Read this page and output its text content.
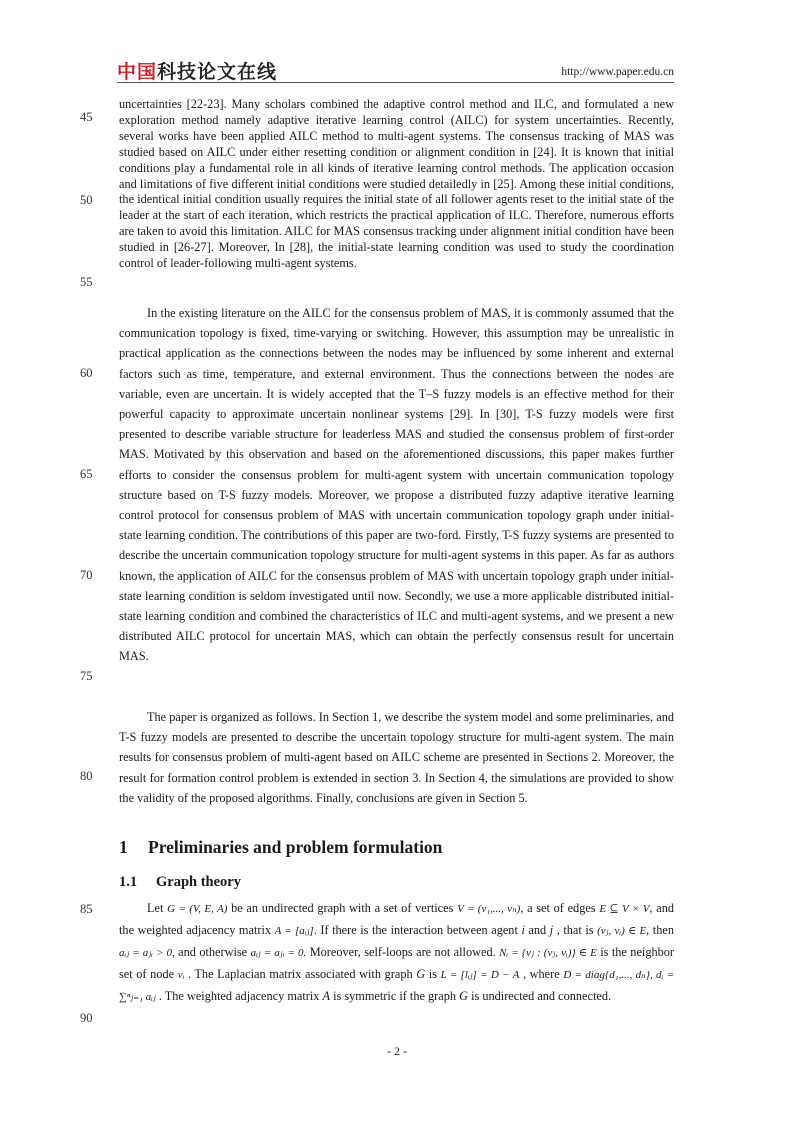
中国科技论文在线	http://www.paper.edu.cn
45
50
55
60
65
70
75
80
85
90
uncertainties [22-23]. Many scholars combined the adaptive control method and ILC, and formulated a new exploration method namely adaptive iterative learning control (AILC) for system uncertainties. Recently, several works have been applied AILC method to multi-agent systems. The consensus tracking of MAS was studied based on AILC under either resetting condition or alignment condition in [24]. It is known that initial conditions play a fundamental role in all kinds of iterative learning control methods. The application occasion and limitations of five different initial conditions were studied detailedly in [25]. Among these initial conditions, the identical initial condition usually requires the initial state of all follower agents reset to the initial state of the leader at the start of each iteration, which restricts the practical application of ILC. Therefore, numerous efforts are taken to avoid this limitation. AILC for MAS consensus tracking under alignment initial condition have been studied in [26-27]. Moreover, In [28], the initial-state learning condition was used to study the coordination control of leader-following multi-agent systems.
In the existing literature on the AILC for the consensus problem of MAS, it is commonly assumed that the communication topology is fixed, time-varying or switching. However, this assumption may be unrealistic in practical application as the connections between the nodes may be influenced by some inherent and external factors such as time, temperature, and external environment. Thus the connections between the nodes are variable, even are uncertain. It is widely accepted that the T–S fuzzy models is an effective method for their powerful capacity to approximate uncertain nonlinear systems [29]. In [30], T-S fuzzy models were first presented to describe variable structure for leaderless MAS and studied the consensus problem of first-order MAS. Motivated by this observation and based on the aforementioned discussions, this paper makes further efforts to consider the consensus problem for multi-agent system with uncertain communication topology structure based on T-S fuzzy models. Moreover, we propose a distributed fuzzy adaptive iterative learning control protocol for consensus problem of MAS with uncertain communication topology graph under initial-state learning condition. The contributions of this paper are two-ford. Firstly, T-S fuzzy systems are presented to describe the uncertain communication topology structure for multi-agent systems in this paper. As far as authors known, the application of AILC for the consensus problem of MAS with uncertain topology graph under initial-state learning condition is seldom investigated until now. Secondly, we use a more applicable distributed initial-state learning condition and combined the characteristics of ILC and multi-agent systems, and we present a new distributed AILC protocol for uncertain MAS, which can obtain the perfectly consensus result for uncertain MAS.
The paper is organized as follows. In Section 1, we describe the system model and some preliminaries, and T-S fuzzy models are presented to describe the uncertain topology structure for multi-agent system. The main results for consensus problem of multi-agent based on AILC scheme are presented in Sections 2. Moreover, the result for formation control problem is extended in section 3. In Section 4, the simulations are provided to show the validity of the proposed algorithms. Finally, conclusions are given in Section 5.
1 Preliminaries and problem formulation
1.1 Graph theory
Let G = (V, E, A) be an undirected graph with a set of vertices V = (v₁,..., vₙ), a set of edges E ⊆ V × V, and the weighted adjacency matrix A = [aᵢⱼ]. If there is the interaction between agent i and j , that is (vⱼ, vᵢ) ∈ E, then aᵢⱼ = aⱼᵢ > 0, and otherwise aᵢⱼ = aⱼᵢ = 0. Moreover, self-loops are not allowed. Nᵢ = {vⱼ : (vⱼ, vᵢ)} ∈ E is the neighbor set of node vᵢ . The Laplacian matrix associated with graph G is L = [lᵢⱼ] = D − A , where D = diag{d₁,..., dₙ}, dᵢ = ∑ⁿⱼ₌₁ aᵢⱼ . The weighted adjacency matrix A is symmetric if the graph G is undirected and connected.
- 2 -
